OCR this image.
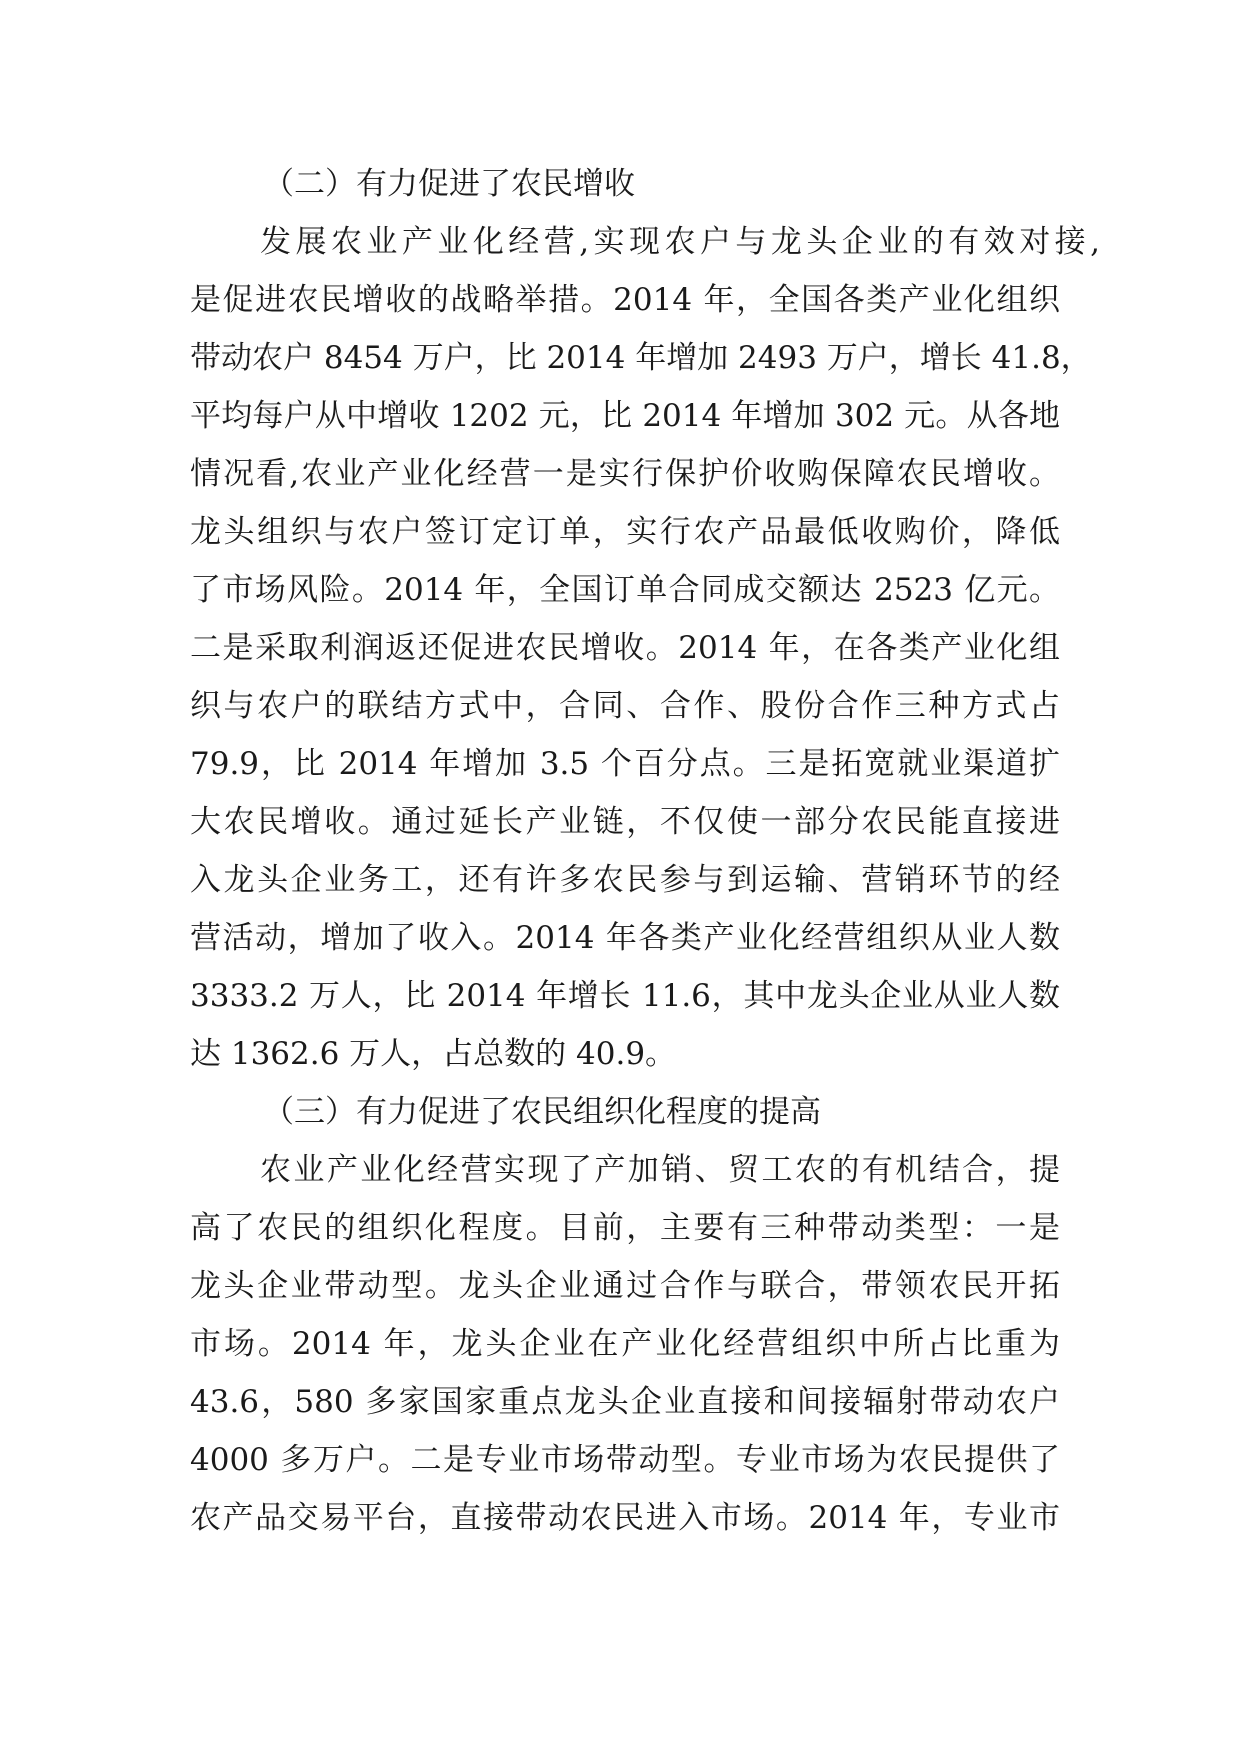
（二）有力促进了农民增收
发展农业产业化经营,实现农户与龙头企业的有效对接,
是促进农民增收的战略举措。2014 年，全国各类产业化组织
带动农户 8454 万户，比 2014 年增加 2493 万户，增长 41.8，
平均每户从中增收 1202 元，比 2014 年增加 302 元。从各地
情况看,农业产业化经营一是实行保护价收购保障农民增收。
龙头组织与农户签订定订单，实行农产品最低收购价，降低
了市场风险。2014 年，全国订单合同成交额达 2523 亿元。
二是采取利润返还促进农民增收。2014 年，在各类产业化组
织与农户的联结方式中，合同、合作、股份合作三种方式占
79.9，比 2014 年增加 3.5 个百分点。三是拓宽就业渠道扩
大农民增收。通过延长产业链，不仅使一部分农民能直接进
入龙头企业务工，还有许多农民参与到运输、营销环节的经
营活动，增加了收入。2014 年各类产业化经营组织从业人数
3333.2 万人，比 2014 年增长 11.6，其中龙头企业从业人数
达 1362.6 万人，占总数的 40.9。
（三）有力促进了农民组织化程度的提高
农业产业化经营实现了产加销、贸工农的有机结合，提
高了农民的组织化程度。目前，主要有三种带动类型：一是
龙头企业带动型。龙头企业通过合作与联合，带领农民开拓
市场。2014 年，龙头企业在产业化经营组织中所占比重为
43.6，580 多家国家重点龙头企业直接和间接辐射带动农户
4000 多万户。二是专业市场带动型。专业市场为农民提供了
农产品交易平台，直接带动农民进入市场。2014 年，专业市
